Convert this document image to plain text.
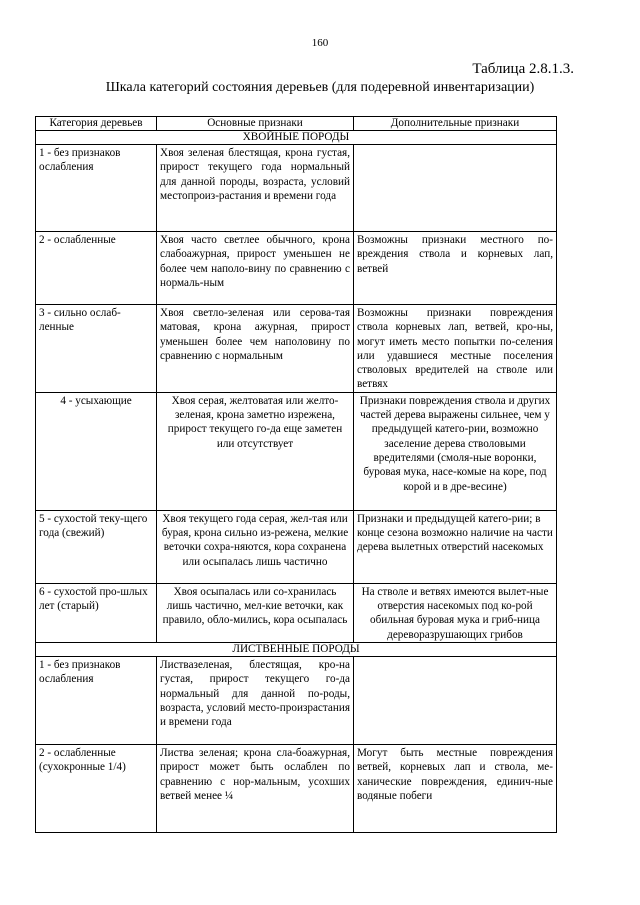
160
Таблица 2.8.1.3.
Шкала категорий состояния деревьев (для подеревной инвентаризации)
Категория деревьев	Основные признаки	Дополнительные признаки
ХВОЙНЫЕ ПОРОДЫ		
1 - без признаков ослабления	Хвоя зеленая блестящая, крона густая, прирост текущего года нормальный для данной породы, возраста, условий местопроиз-растания и времени года	
2 - ослабленные	Хвоя часто светлее обычного, крона слабоажурная, прирост уменьшен не более чем наполо-вину по сравнению с нормаль-ным	Возможны признаки местного по-вреждения ствола и корневых лап, ветвей
3 - сильно ослаб-ленные	Хвоя светло-зеленая или серова-тая матовая, крона ажурная, прирост уменьшен более чем наполовину по сравнению с нормальным	Возможны признаки повреждения ствола корневых лап, ветвей, кро-ны, могут иметь место попытки по-селения или удавшиеся местные поселения стволовых вредителей на стволе или ветвях
4 - усыхающие	Хвоя серая, желтоватая или желто-зеленая, крона заметно изрежена, прирост текущего го-да еще заметен или отсутствует	Признаки повреждения ствола и других частей дерева выражены сильнее, чем у предыдущей катего-рии, возможно заселение дерева стволовыми вредителями (смоля-ные воронки, буровая мука, насе-комые на коре, под корой и в дре-весине)
5 - сухостой теку-щего года (свежий)	Хвоя текущего года серая, жел-тая или бурая, крона сильно из-режена, мелкие веточки сохра-няются, кора сохранена или осыпалась лишь частично	Признаки и предыдущей катего-рии; в конце сезона возможно наличие на части дерева вылетных отверстий насекомых
6 - сухостой про-шлых лет (старый)	Хвоя осыпалась или со-хранилась лишь частично, мел-кие веточки, как правило, обло-мились, кора осыпалась	На стволе и ветвях имеются вылет-ные отверстия насекомых под ко-рой обильная буровая мука и гриб-ница дереворазрушающих грибов
ЛИСТВЕННЫЕ ПОРОДЫ		
1 - без признаков ослабления	Листвазеленая, блестящая, кро-на густая, прирост текущего го-да нормальный для данной по-роды, возраста, условий место-произрастания и времени года	
2 - ослабленные (сухокронные 1/4)	Листва зеленая; крона сла-боажурная, прирост может быть ослаблен по сравнению с нор-мальным, усохших ветвей менее ¼	Могут быть местные повреждения ветвей, корневых лап и ствола, ме-ханические повреждения, единич-ные водяные побеги
